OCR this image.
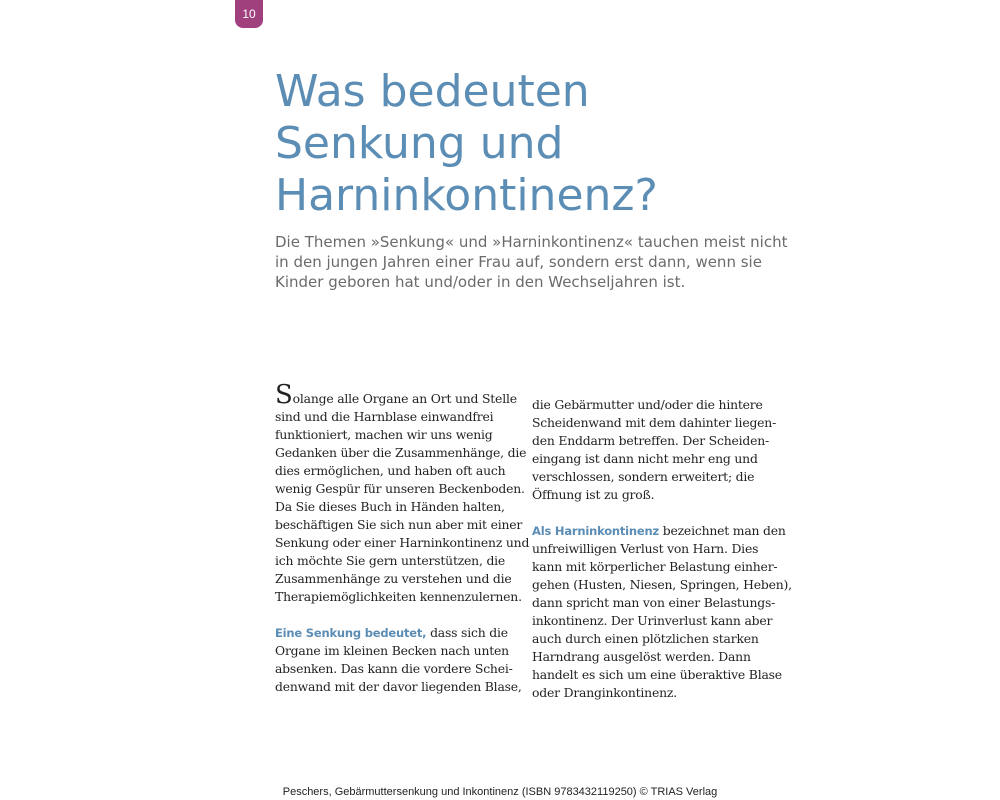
10
Was bedeuten
Senkung und
Harninkontinenz?

Die Themen »Senkung« und »Harninkontinenz« tauchen meist nicht
in den jungen Jahren einer Frau auf, sondern erst dann, wenn sie
Kinder geboren hat und/oder in den Wechseljahren ist.

Solange alle Organe an Ort und Stelle
sind und die Harnblase einwandfrei
funktioniert, machen wir uns wenig
Gedanken über die Zusammenhänge, die
dies ermöglichen, und haben oft auch
wenig Gespür für unseren Beckenboden.
Da Sie dieses Buch in Händen halten,
beschäftigen Sie sich nun aber mit einer
Senkung oder einer Harninkontinenz und
ich möchte Sie gern unterstützen, die
Zusammenhänge zu verstehen und die
Therapiemöglichkeiten kennenzulernen.

Eine Senkung bedeutet, dass sich die
Organe im kleinen Becken nach unten
absenken. Das kann die vordere Schei-
denwand mit der davor liegenden Blase,

die Gebärmutter und/oder die hintere
Scheidenwand mit dem dahinter liegen-
den Enddarm betreffen. Der Scheiden-
eingang ist dann nicht mehr eng und
verschlossen, sondern erweitert; die
Öffnung ist zu groß.

Als Harninkontinenz bezeichnet man den
unfreiwilligen Verlust von Harn. Dies
kann mit körperlicher Belastung einher-
gehen (Husten, Niesen, Springen, Heben),
dann spricht man von einer Belastungs-
inkontinenz. Der Urinverlust kann aber
auch durch einen plötzlichen starken
Harndrang ausgelöst werden. Dann
handelt es sich um eine überaktive Blase
oder Dranginkontinenz.

Peschers, Gebärmuttersenkung und Inkontinenz (ISBN 9783432119250) © TRIAS Verlag
